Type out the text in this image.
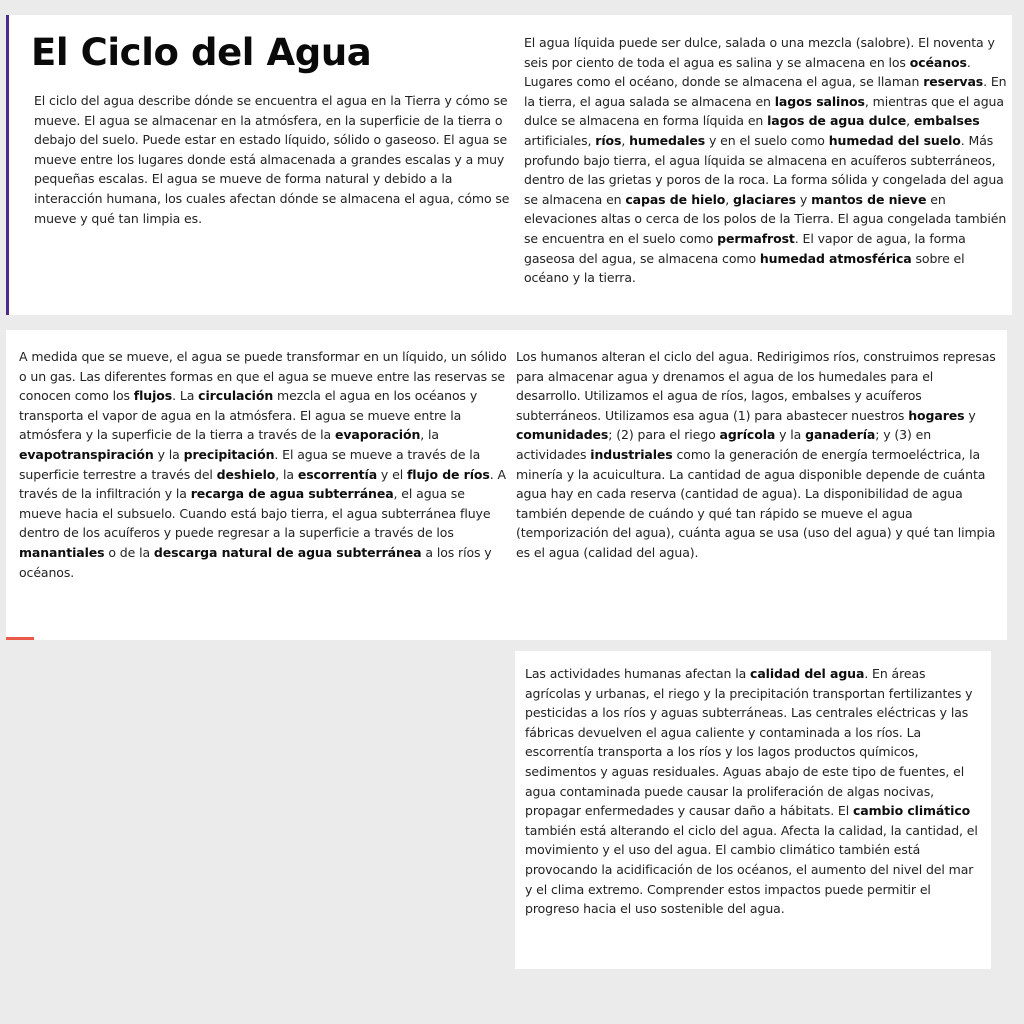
El Ciclo del Agua

El ciclo del agua describe dónde se encuentra el agua en la Tierra y cómo se mueve. El agua se almacenar en la atmósfera, en la superficie de la tierra o debajo del suelo. Puede estar en estado líquido, sólido o gaseoso. El agua se mueve entre los lugares donde está almacenada a grandes escalas y a muy pequeñas escalas. El agua se mueve de forma natural y debido a la interacción humana, los cuales afectan dónde se almacena el agua, cómo se mueve y qué tan limpia es.

El agua líquida puede ser dulce, salada o una mezcla (salobre). El noventa y seis por ciento de toda el agua es salina y se almacena en los océanos. Lugares como el océano, donde se almacena el agua, se llaman reservas. En la tierra, el agua salada se almacena en lagos salinos, mientras que el agua dulce se almacena en forma líquida en lagos de agua dulce, embalses artificiales, ríos, humedales y en el suelo como humedad del suelo. Más profundo bajo tierra, el agua líquida se almacena en acuíferos subterráneos, dentro de las grietas y poros de la roca. La forma sólida y congelada del agua se almacena en capas de hielo, glaciares y mantos de nieve en elevaciones altas o cerca de los polos de la Tierra. El agua congelada también se encuentra en el suelo como permafrost. El vapor de agua, la forma gaseosa del agua, se almacena como humedad atmosférica sobre el océano y la tierra.

A medida que se mueve, el agua se puede transformar en un líquido, un sólido o un gas. Las diferentes formas en que el agua se mueve entre las reservas se conocen como los flujos. La circulación mezcla el agua en los océanos y transporta el vapor de agua en la atmósfera. El agua se mueve entre la atmósfera y la superficie de la tierra a través de la evaporación, la evapotranspiración y la precipitación. El agua se mueve a través de la superficie terrestre a través del deshielo, la escorrentía y el flujo de ríos. A través de la infiltración y la recarga de agua subterránea, el agua se mueve hacia el subsuelo. Cuando está bajo tierra, el agua subterránea fluye dentro de los acuíferos y puede regresar a la superficie a través de los manantiales o de la descarga natural de agua subterránea a los ríos y océanos.

Los humanos alteran el ciclo del agua. Redirigimos ríos, construimos represas para almacenar agua y drenamos el agua de los humedales para el desarrollo. Utilizamos el agua de ríos, lagos, embalses y acuíferos subterráneos. Utilizamos esa agua (1) para abastecer nuestros hogares y comunidades; (2) para el riego agrícola y la ganadería; y (3) en actividades industriales como la generación de energía termoeléctrica, la minería y la acuicultura. La cantidad de agua disponible depende de cuánta agua hay en cada reserva (cantidad de agua). La disponibilidad de agua también depende de cuándo y qué tan rápido se mueve el agua (temporización del agua), cuánta agua se usa (uso del agua) y qué tan limpia es el agua (calidad del agua).

Las actividades humanas afectan la calidad del agua. En áreas agrícolas y urbanas, el riego y la precipitación transportan fertilizantes y pesticidas a los ríos y aguas subterráneas. Las centrales eléctricas y las fábricas devuelven el agua caliente y contaminada a los ríos. La escorrentía transporta a los ríos y los lagos productos químicos, sedimentos y aguas residuales. Aguas abajo de este tipo de fuentes, el agua contaminada puede causar la proliferación de algas nocivas, propagar enfermedades y causar daño a hábitats. El cambio climático también está alterando el ciclo del agua. Afecta la calidad, la cantidad, el movimiento y el uso del agua. El cambio climático también está provocando la acidificación de los océanos, el aumento del nivel del mar y el clima extremo. Comprender estos impactos puede permitir el progreso hacia el uso sostenible del agua.
